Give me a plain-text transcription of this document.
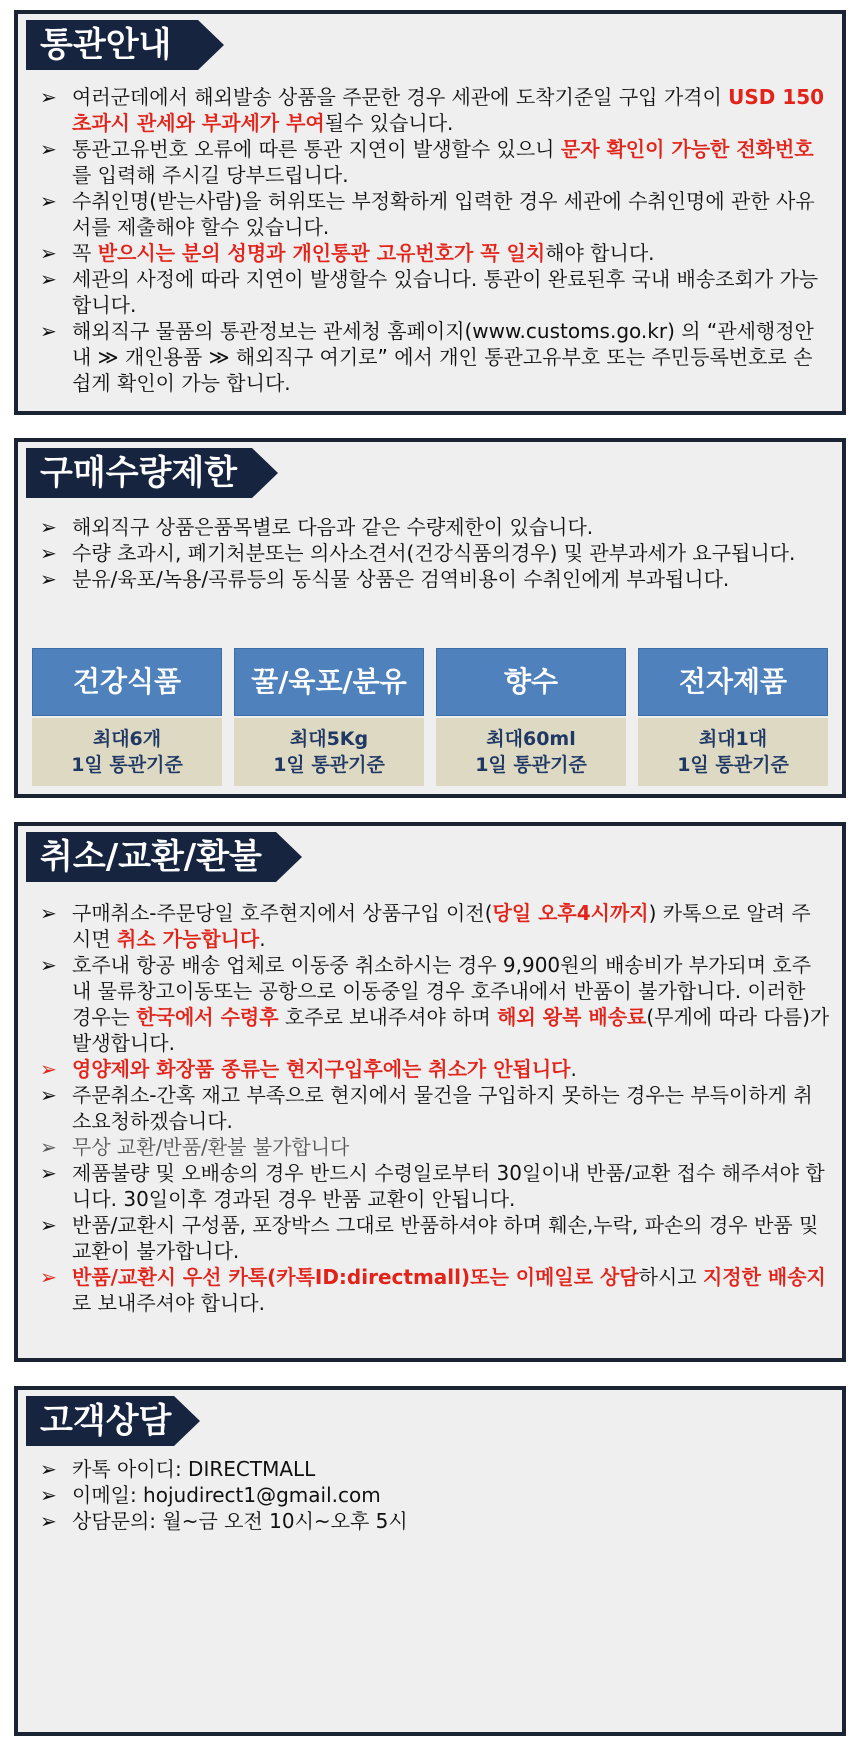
통관안내
➢ 여러군데에서 해외발송 상품을 주문한 경우 세관에 도착기준일 구입 가격이 USD 150 초과시 관세와 부과세가 부여될수 있습니다.
➢ 통관고유번호 오류에 따른 통관 지연이 발생할수 있으니 문자 확인이 가능한 전화번호를 입력해 주시길 당부드립니다.
➢ 수취인명(받는사람)을 허위또는 부정확하게 입력한 경우 세관에 수취인명에 관한 사유서를 제출해야 할수 있습니다.
➢ 꼭 받으시는 분의 성명과 개인통관 고유번호가 꼭 일치해야 합니다.
➢ 세관의 사정에 따라 지연이 발생할수 있습니다. 통관이 완료된후 국내 배송조회가 가능합니다.
➢ 해외직구 물품의 통관정보는 관세청 홈페이지(www.customs.go.kr) 의 “관세행정안내 ≫ 개인용품 ≫ 해외직구 여기로” 에서 개인 통관고유부호 또는 주민등록번호로 손쉽게 확인이 가능 합니다.
구매수량제한
➢ 해외직구 상품은품목별로 다음과 같은 수량제한이 있습니다.
➢ 수량 초과시, 폐기처분또는 의사소견서(건강식품의경우) 및 관부과세가 요구됩니다.
➢ 분유/육포/녹용/곡류등의 동식물 상품은 검역비용이 수취인에게 부과됩니다.
건강식품
최대6개
1일 통관기준
꿀/육포/분유
최대5Kg
1일 통관기준
향수
최대60ml
1일 통관기준
전자제품
최대1대
1일 통관기준
취소/교환/환불
➢ 구매취소-주문당일 호주현지에서 상품구입 이전(당일 오후4시까지) 카톡으로 알려 주시면 취소 가능합니다.
➢ 호주내 항공 배송 업체로 이동중 취소하시는 경우 9,900원의 배송비가 부가되며 호주내 물류창고이동또는 공항으로 이동중일 경우 호주내에서 반품이 불가합니다. 이러한 경우는 한국에서 수령후 호주로 보내주셔야 하며 해외 왕복 배송료(무게에 따라 다름)가 발생합니다.
➢ 영양제와 화장품 종류는 현지구입후에는 취소가 안됩니다.
➢ 주문취소-간혹 재고 부족으로 현지에서 물건을 구입하지 못하는 경우는 부득이하게 취소요청하겠습니다.
➢ 무상 교환/반품/환불 불가합니다
➢ 제품불량 및 오배송의 경우 반드시 수령일로부터 30일이내 반품/교환 접수 해주셔야 합니다. 30일이후 경과된 경우 반품 교환이 안됩니다.
➢ 반품/교환시 구성품, 포장박스 그대로 반품하셔야 하며 훼손,누락, 파손의 경우 반품 및 교환이 불가합니다.
➢ 반품/교환시 우선 카톡(카톡ID:directmall)또는 이메일로 상담하시고 지정한 배송지로 보내주셔야 합니다.
고객상담
➢ 카톡 아이디: DIRECTMALL
➢ 이메일: hojudirect1@gmail.com
➢ 상담문의: 월~금 오전 10시~오후 5시
